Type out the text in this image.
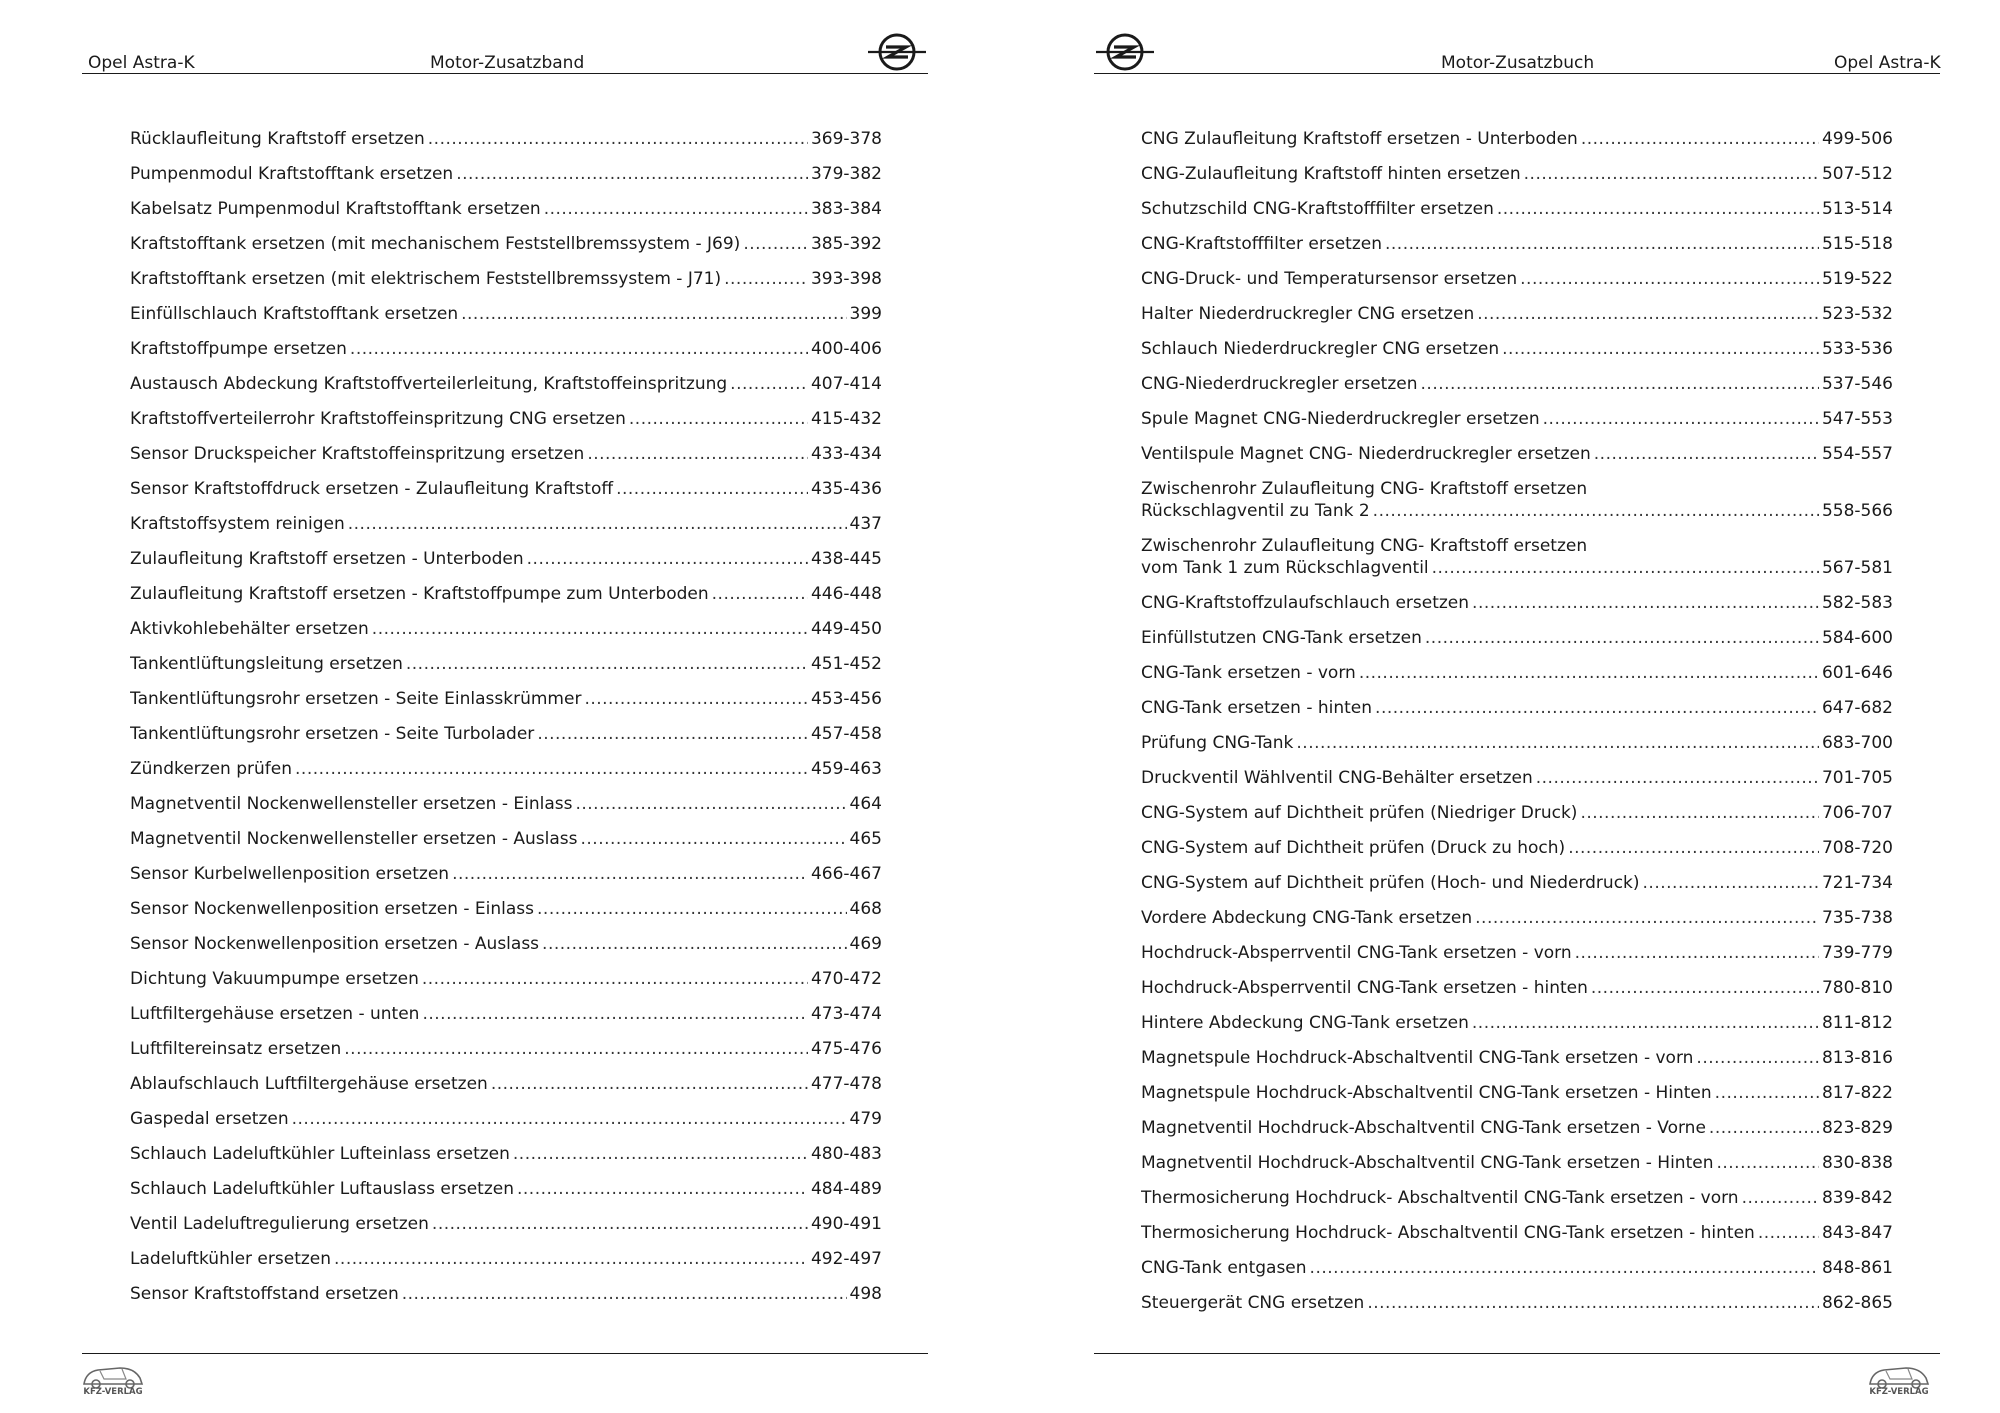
Opel Astra-K	Motor-Zusatzband
Rücklaufleitung Kraftstoff ersetzen .....	369-378
Pumpenmodul Kraftstofftank ersetzen .....	379-382
Kabelsatz Pumpenmodul Kraftstofftank ersetzen .....	383-384
Kraftstofftank ersetzen (mit mechanischem Feststellbremssystem - J69) .....	385-392
Kraftstofftank ersetzen (mit elektrischem Feststellbremssystem - J71) .....	393-398
Einfüllschlauch Kraftstofftank ersetzen .....	399
Kraftstoffpumpe ersetzen .....	400-406
Austausch Abdeckung Kraftstoffverteilerleitung, Kraftstoffeinspritzung .....	407-414
Kraftstoffverteilerrohr Kraftstoffeinspritzung CNG ersetzen .....	415-432
Sensor Druckspeicher Kraftstoffeinspritzung ersetzen .....	433-434
Sensor Kraftstoffdruck ersetzen - Zulaufleitung Kraftstoff .....	435-436
Kraftstoffsystem reinigen .....	437
Zulaufleitung Kraftstoff ersetzen - Unterboden .....	438-445
Zulaufleitung Kraftstoff ersetzen - Kraftstoffpumpe zum Unterboden .....	446-448
Aktivkohlebehälter ersetzen .....	449-450
Tankentlüftungsleitung ersetzen .....	451-452
Tankentlüftungsrohr ersetzen - Seite Einlasskrümmer .....	453-456
Tankentlüftungsrohr ersetzen - Seite Turbolader .....	457-458
Zündkerzen prüfen .....	459-463
Magnetventil Nockenwellensteller ersetzen - Einlass .....	464
Magnetventil Nockenwellensteller ersetzen - Auslass .....	465
Sensor Kurbelwellenposition ersetzen .....	466-467
Sensor Nockenwellenposition ersetzen - Einlass .....	468
Sensor Nockenwellenposition ersetzen - Auslass .....	469
Dichtung Vakuumpumpe ersetzen .....	470-472
Luftfiltergehäuse ersetzen - unten .....	473-474
Luftfiltereinsatz ersetzen .....	475-476
Ablaufschlauch Luftfiltergehäuse ersetzen .....	477-478
Gaspedal ersetzen .....	479
Schlauch Ladeluftkühler Lufteinlass ersetzen .....	480-483
Schlauch Ladeluftkühler Luftauslass ersetzen .....	484-489
Ventil Ladeluftregulierung ersetzen .....	490-491
Ladeluftkühler ersetzen .....	492-497
Sensor Kraftstoffstand ersetzen .....	498
KFZ-VERLAG
Motor-Zusatzbuch	Opel Astra-K
CNG Zulaufleitung Kraftstoff ersetzen - Unterboden .....	499-506
CNG-Zulaufleitung Kraftstoff hinten ersetzen .....	507-512
Schutzschild CNG-Kraftstofffilter ersetzen .....	513-514
CNG-Kraftstofffilter ersetzen .....	515-518
CNG-Druck- und Temperatursensor ersetzen .....	519-522
Halter Niederdruckregler CNG ersetzen .....	523-532
Schlauch Niederdruckregler CNG ersetzen .....	533-536
CNG-Niederdruckregler ersetzen .....	537-546
Spule Magnet CNG-Niederdruckregler ersetzen .....	547-553
Ventilspule Magnet CNG- Niederdruckregler ersetzen .....	554-557
Zwischenrohr Zulaufleitung CNG- Kraftstoff ersetzen
Rückschlagventil zu Tank 2 .....	558-566
Zwischenrohr Zulaufleitung CNG- Kraftstoff ersetzen
vom Tank 1 zum Rückschlagventil .....	567-581
CNG-Kraftstoffzulaufschlauch ersetzen .....	582-583
Einfüllstutzen CNG-Tank ersetzen .....	584-600
CNG-Tank ersetzen - vorn .....	601-646
CNG-Tank ersetzen - hinten .....	647-682
Prüfung CNG-Tank .....	683-700
Druckventil Wählventil CNG-Behälter ersetzen .....	701-705
CNG-System auf Dichtheit prüfen (Niedriger Druck) .....	706-707
CNG-System auf Dichtheit prüfen (Druck zu hoch) .....	708-720
CNG-System auf Dichtheit prüfen (Hoch- und Niederdruck) .....	721-734
Vordere Abdeckung CNG-Tank ersetzen .....	735-738
Hochdruck-Absperrventil CNG-Tank ersetzen - vorn .....	739-779
Hochdruck-Absperrventil CNG-Tank ersetzen - hinten .....	780-810
Hintere Abdeckung CNG-Tank ersetzen .....	811-812
Magnetspule Hochdruck-Abschaltventil CNG-Tank ersetzen - vorn .....	813-816
Magnetspule Hochdruck-Abschaltventil CNG-Tank ersetzen - Hinten .....	817-822
Magnetventil Hochdruck-Abschaltventil CNG-Tank ersetzen - Vorne .....	823-829
Magnetventil Hochdruck-Abschaltventil CNG-Tank ersetzen - Hinten .....	830-838
Thermosicherung Hochdruck- Abschaltventil CNG-Tank ersetzen - vorn .....	839-842
Thermosicherung Hochdruck- Abschaltventil CNG-Tank ersetzen - hinten .....	843-847
CNG-Tank entgasen .....	848-861
Steuergerät CNG ersetzen .....	862-865
KFZ-VERLAG
